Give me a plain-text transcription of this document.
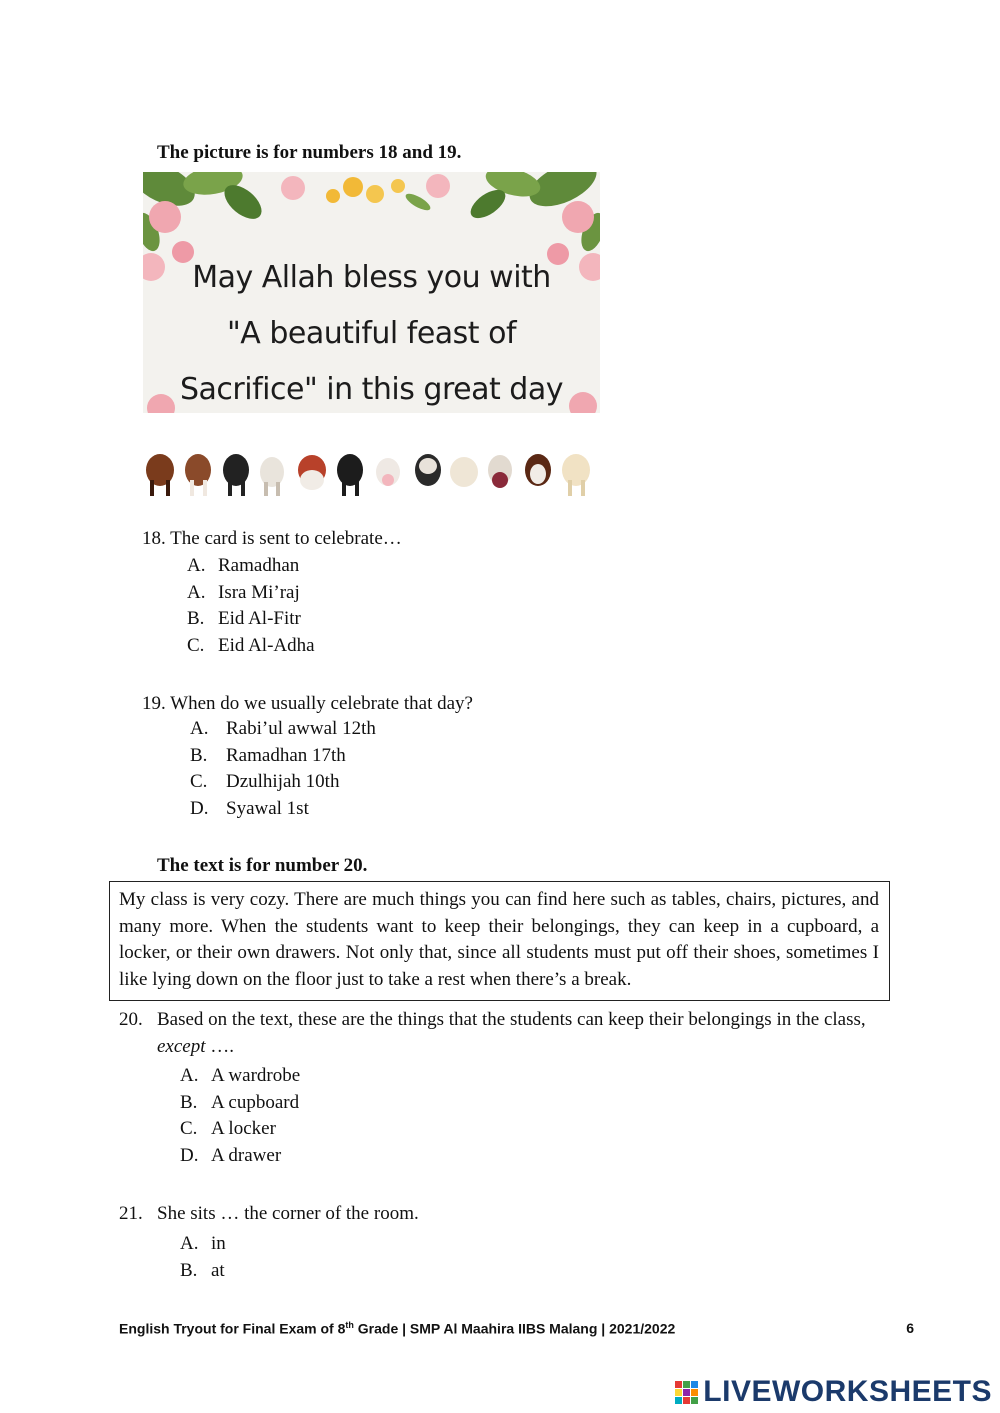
The picture is for numbers 18 and 19.
May Allah bless you with
"A beautiful feast of
Sacrifice" in this great day
18. The card is sent to celebrate…
A. Ramadhan
A. Isra Mi’raj
B. Eid Al-Fitr
C. Eid Al-Adha
19. When do we usually celebrate that day?
A. Rabi’ul awwal 12th
B. Ramadhan 17th
C. Dzulhijah 10th
D. Syawal 1st
The text is for number 20.
My class is very cozy. There are much things you can find here such as tables, chairs, pictures, and many more. When the students want to keep their belongings, they can keep in a cupboard, a locker, or their own drawers. Not only that, since all students must put off their shoes, sometimes I like lying down on the floor just to take a rest when there’s a break.
20. Based on the text, these are the things that the students can keep their belongings in the class, except ….
A. A wardrobe
B. A cupboard
C. A locker
D. A drawer
21. She sits … the corner of the room.
A. in
B. at
English Tryout for Final Exam of 8th Grade | SMP Al Maahira IIBS Malang | 2021/2022	6
LIVEWORKSHEETS
